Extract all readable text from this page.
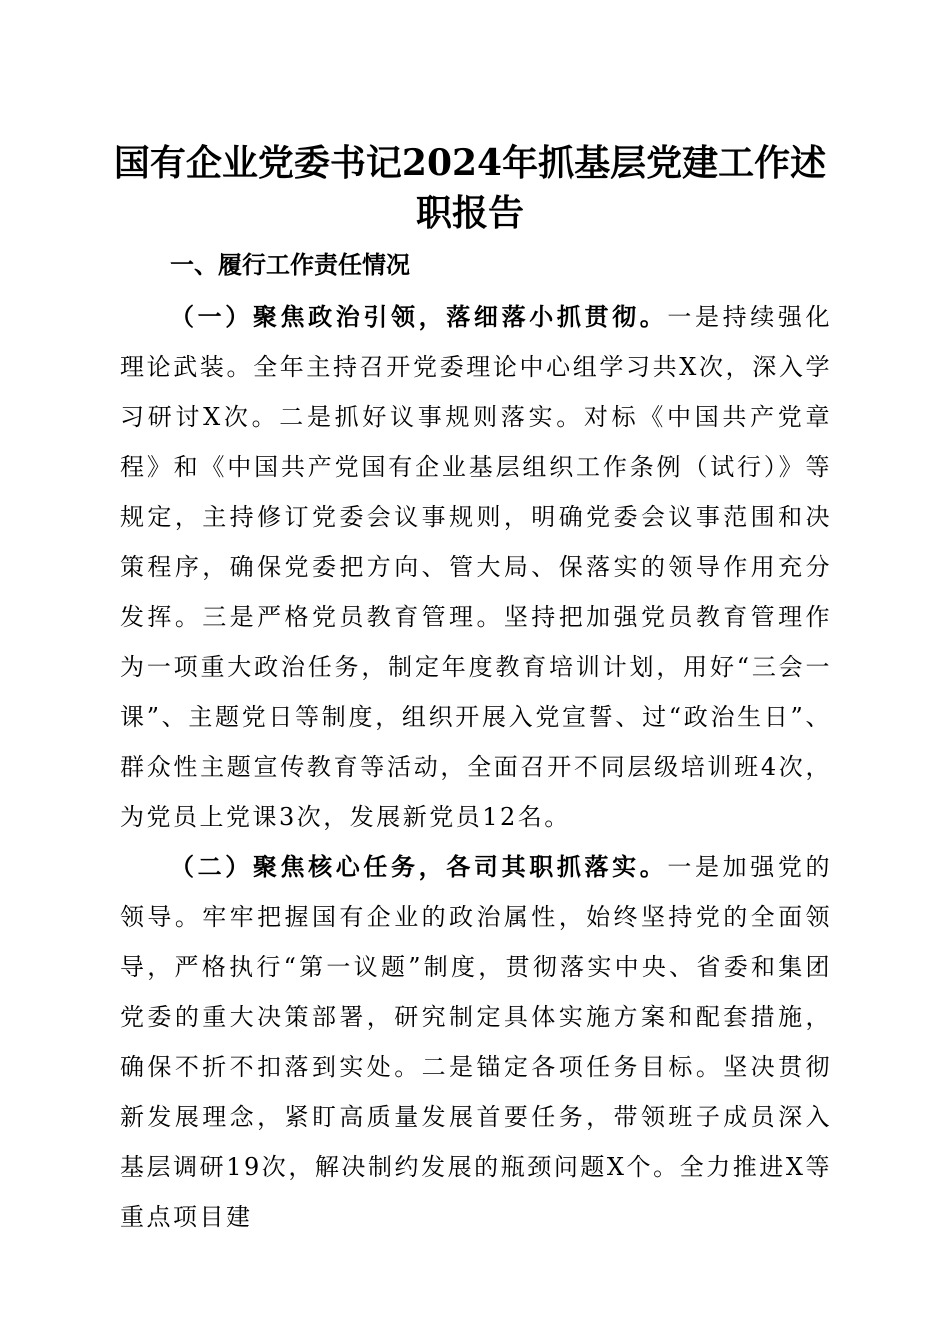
国有企业党委书记2024年抓基层党建工作述职报告
一、履行工作责任情况

（一）聚焦政治引领，落细落小抓贯彻。一是持续强化理论武装。全年主持召开党委理论中心组学习共X次，深入学习研讨X次。二是抓好议事规则落实。对标《中国共产党章程》和《中国共产党国有企业基层组织工作条例（试行）》等规定，主持修订党委会议事规则，明确党委会议事范围和决策程序，确保党委把方向、管大局、保落实的领导作用充分发挥。三是严格党员教育管理。坚持把加强党员教育管理作为一项重大政治任务，制定年度教育培训计划，用好“三会一课”、主题党日等制度，组织开展入党宣誓、过“政治生日”、群众性主题宣传教育等活动，全面召开不同层级培训班4次，为党员上党课3次，发展新党员12名。

（二）聚焦核心任务，各司其职抓落实。一是加强党的领导。牢牢把握国有企业的政治属性，始终坚持党的全面领导，严格执行“第一议题”制度，贯彻落实中央、省委和集团党委的重大决策部署，研究制定具体实施方案和配套措施，确保不折不扣落到实处。二是锚定各项任务目标。坚决贯彻新发展理念，紧盯高质量发展首要任务，带领班子成员深入基层调研19次，解决制约发展的瓶颈问题X个。全力推进X等重点项目建
